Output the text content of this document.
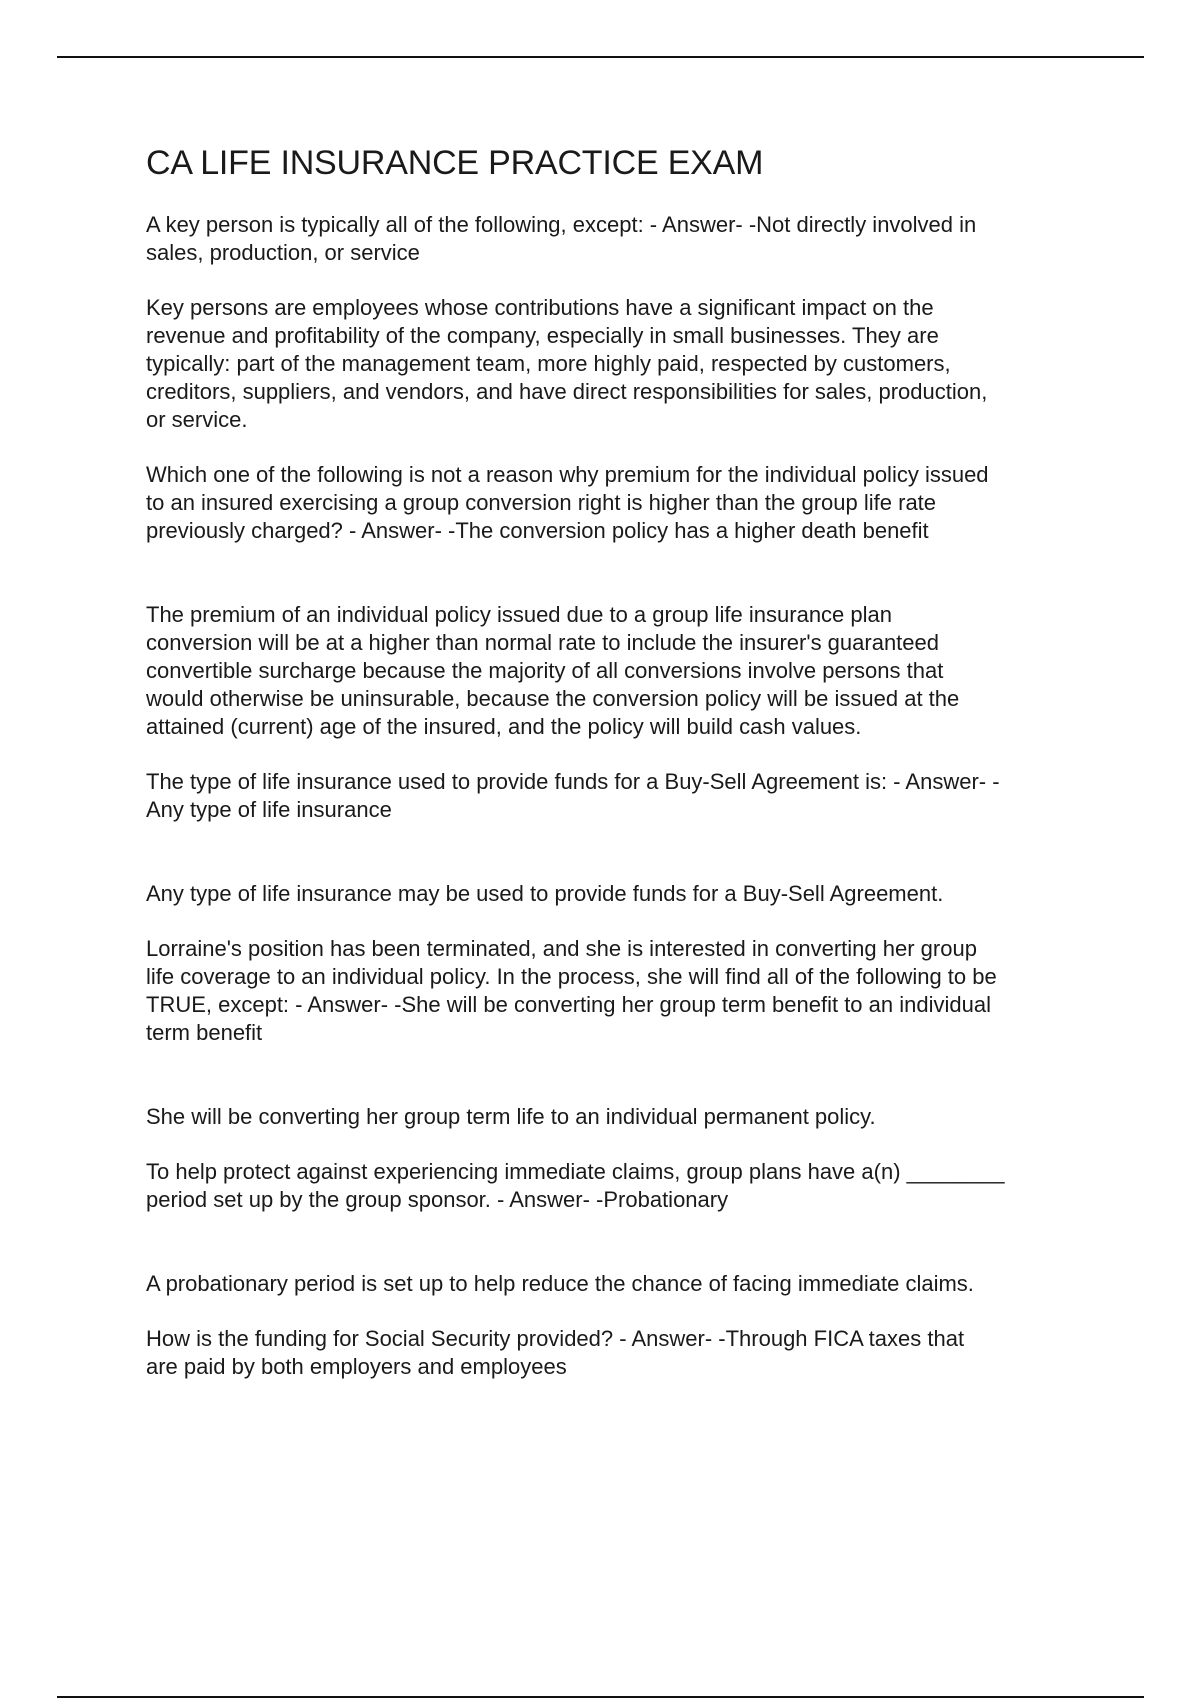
CA LIFE INSURANCE PRACTICE EXAM

A key person is typically all of the following, except: - Answer- -Not directly involved in
sales, production, or service

Key persons are employees whose contributions have a significant impact on the
revenue and profitability of the company, especially in small businesses. They are
typically: part of the management team, more highly paid, respected by customers,
creditors, suppliers, and vendors, and have direct responsibilities for sales, production,
or service.

Which one of the following is not a reason why premium for the individual policy issued
to an insured exercising a group conversion right is higher than the group life rate
previously charged? - Answer- -The conversion policy has a higher death benefit

The premium of an individual policy issued due to a group life insurance plan
conversion will be at a higher than normal rate to include the insurer's guaranteed
convertible surcharge because the majority of all conversions involve persons that
would otherwise be uninsurable, because the conversion policy will be issued at the
attained (current) age of the insured, and the policy will build cash values.

The type of life insurance used to provide funds for a Buy-Sell Agreement is: - Answer- -
Any type of life insurance

Any type of life insurance may be used to provide funds for a Buy-Sell Agreement.

Lorraine's position has been terminated, and she is interested in converting her group
life coverage to an individual policy. In the process, she will find all of the following to be
TRUE, except: - Answer- -She will be converting her group term benefit to an individual
term benefit

She will be converting her group term life to an individual permanent policy.

To help protect against experiencing immediate claims, group plans have a(n) ________
period set up by the group sponsor. - Answer- -Probationary

A probationary period is set up to help reduce the chance of facing immediate claims.

How is the funding for Social Security provided? - Answer- -Through FICA taxes that
are paid by both employers and employees
